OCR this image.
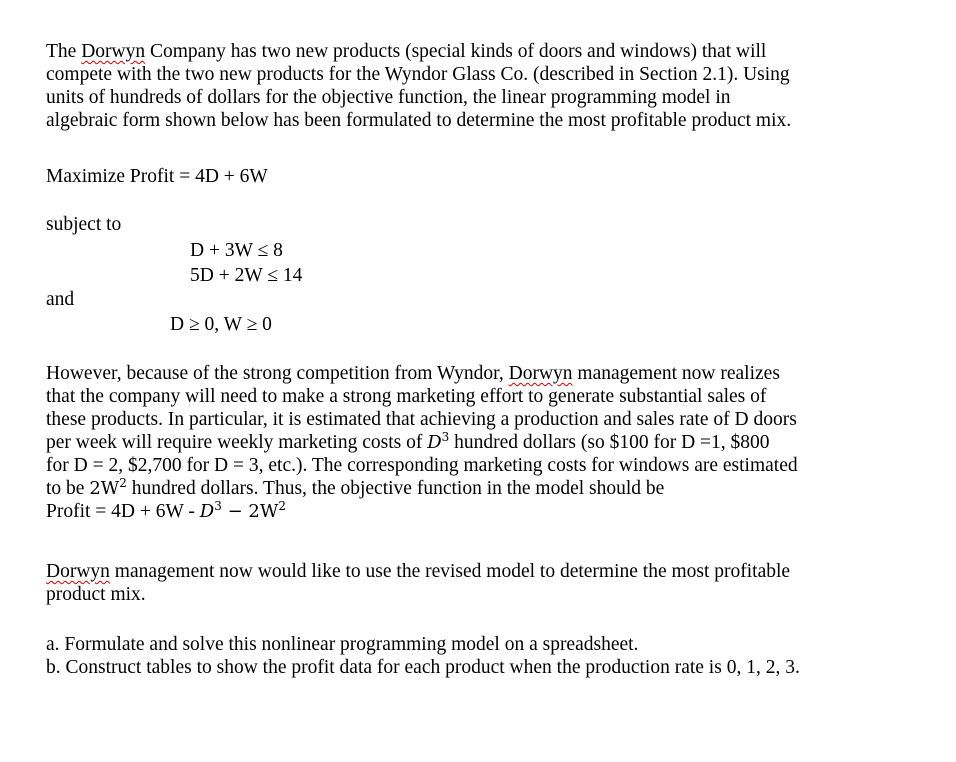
The Dorwyn Company has two new products (special kinds of doors and windows) that will
compete with the two new products for the Wyndor Glass Co. (described in Section 2.1). Using
units of hundreds of dollars for the objective function, the linear programming model in
algebraic form shown below has been formulated to determine the most profitable product mix.

Maximize Profit = 4D + 6W

subject to

D + 3W ≤ 8
5D + 2W ≤ 14

and

D ≥ 0, W ≥ 0

However, because of the strong competition from Wyndor, Dorwyn management now realizes
that the company will need to make a strong marketing effort to generate substantial sales of
these products. In particular, it is estimated that achieving a production and sales rate of D doors
per week will require weekly marketing costs of $D^3$ hundred dollars (so $100 for D =1, $800
for D = 2, $2,700 for D = 3, etc.). The corresponding marketing costs for windows are estimated
to be $2W^2$ hundred dollars. Thus, the objective function in the model should be
Profit = $4D + 6W - D^3 - 2W^2$

Dorwyn management now would like to use the revised model to determine the most profitable
product mix.

a. Formulate and solve this nonlinear programming model on a spreadsheet.
b. Construct tables to show the profit data for each product when the production rate is 0, 1, 2, 3.
